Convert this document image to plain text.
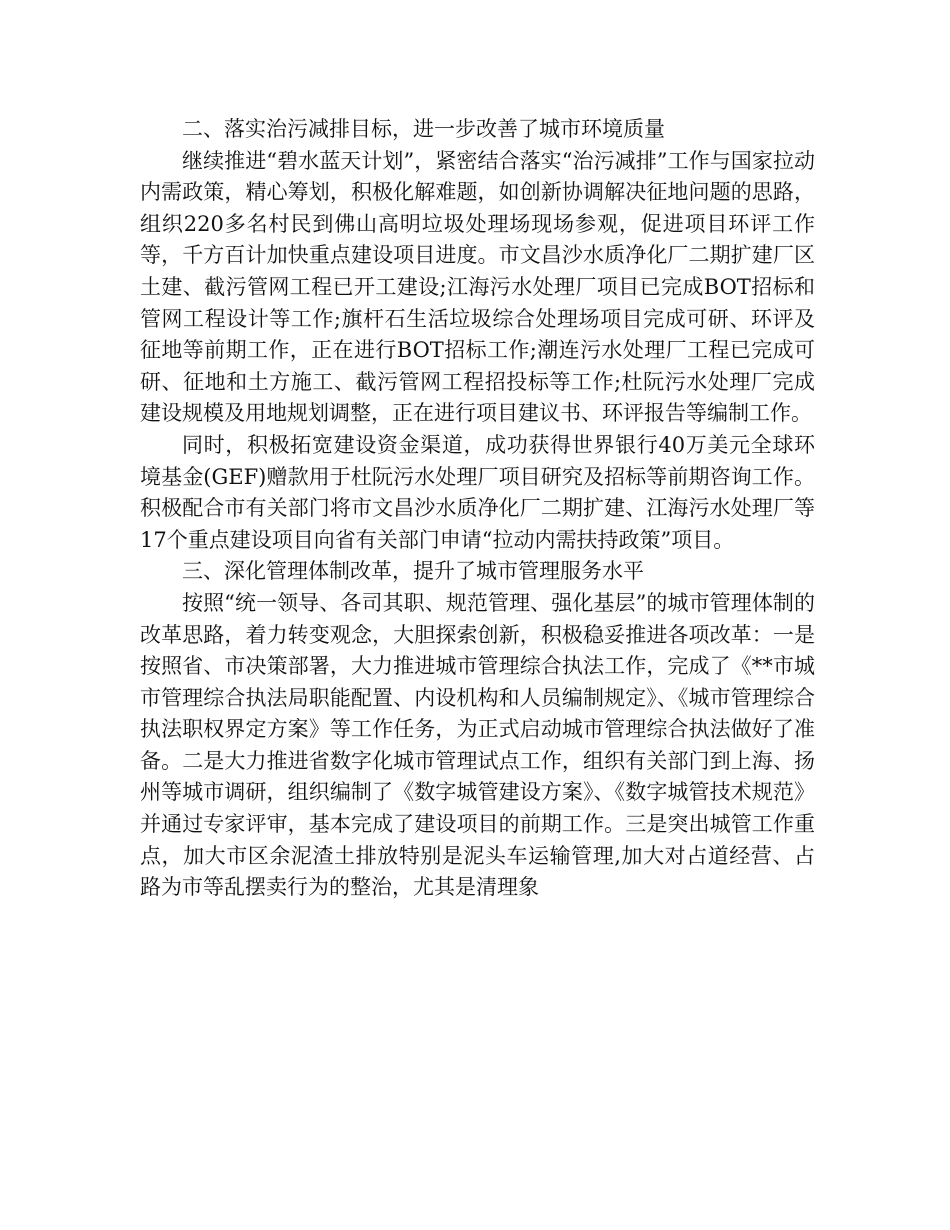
二、落实治污减排目标，进一步改善了城市环境质量

继续推进“碧水蓝天计划”，紧密结合落实“治污减排”工作与国家拉动内需政策，精心筹划，积极化解难题，如创新协调解决征地问题的思路，组织220多名村民到佛山高明垃圾处理场现场参观，促进项目环评工作等，千方百计加快重点建设项目进度。市文昌沙水质净化厂二期扩建厂区土建、截污管网工程已开工建设;江海污水处理厂项目已完成BOT招标和管网工程设计等工作;旗杆石生活垃圾综合处理场项目完成可研、环评及征地等前期工作，正在进行BOT招标工作;潮连污水处理厂工程已完成可研、征地和土方施工、截污管网工程招投标等工作;杜阮污水处理厂完成建设规模及用地规划调整，正在进行项目建议书、环评报告等编制工作。

同时，积极拓宽建设资金渠道，成功获得世界银行40万美元全球环境基金(GEF)赠款用于杜阮污水处理厂项目研究及招标等前期咨询工作。积极配合市有关部门将市文昌沙水质净化厂二期扩建、江海污水处理厂等17个重点建设项目向省有关部门申请“拉动内需扶持政策”项目。

三、深化管理体制改革，提升了城市管理服务水平

按照“统一领导、各司其职、规范管理、强化基层”的城市管理体制的改革思路，着力转变观念，大胆探索创新，积极稳妥推进各项改革：一是按照省、市决策部署，大力推进城市管理综合执法工作，完成了《**市城市管理综合执法局职能配置、内设机构和人员编制规定》、《城市管理综合执法职权界定方案》等工作任务，为正式启动城市管理综合执法做好了准备。二是大力推进省数字化城市管理试点工作，组织有关部门到上海、扬州等城市调研，组织编制了《数字城管建设方案》、《数字城管技术规范》并通过专家评审，基本完成了建设项目的前期工作。三是突出城管工作重点，加大市区余泥渣土排放特别是泥头车运输管理,加大对占道经营、占路为市等乱摆卖行为的整治，尤其是清理象
